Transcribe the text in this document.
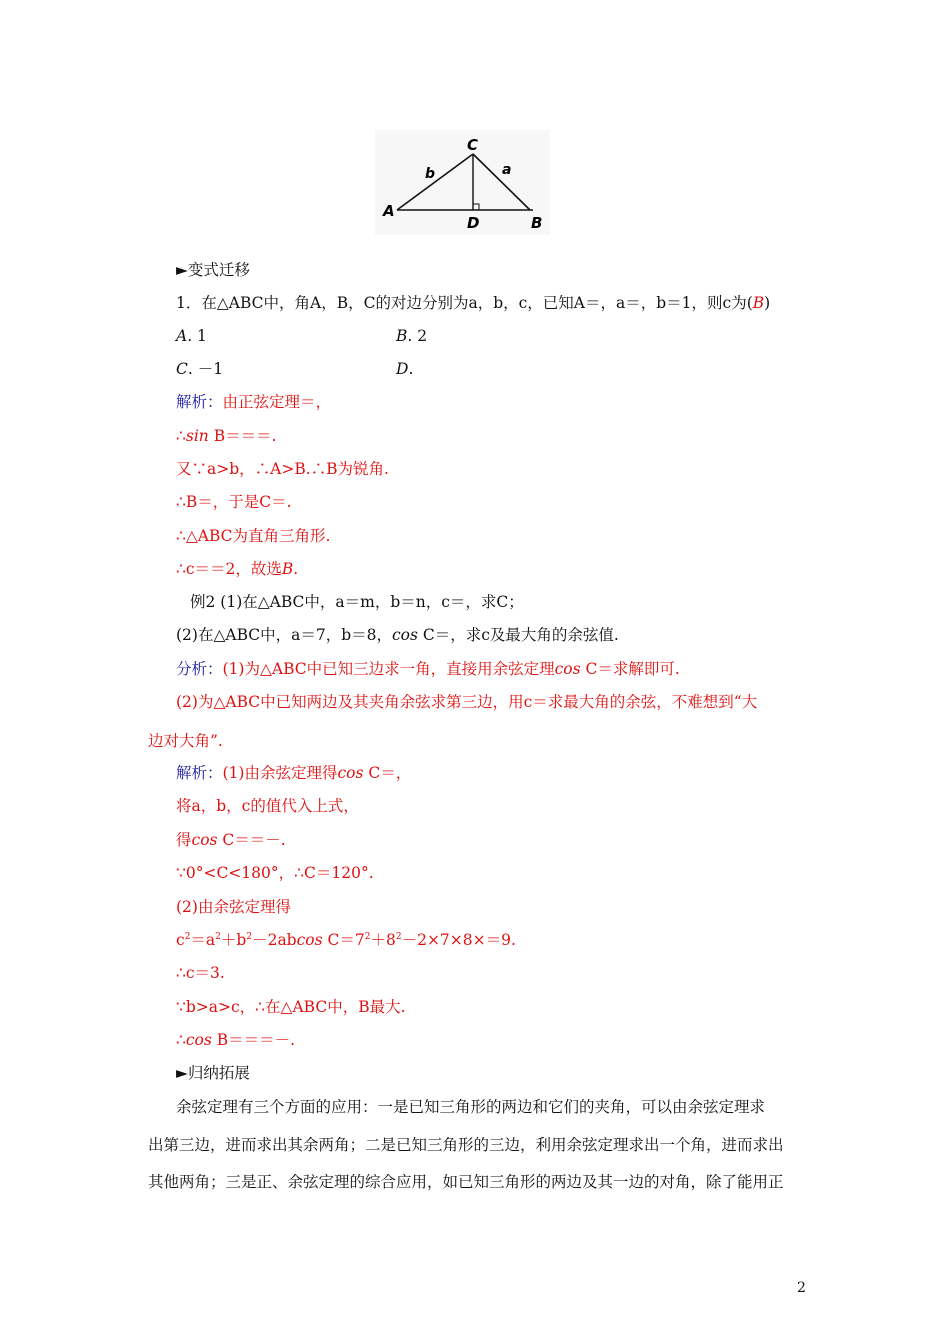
C
A
B
D
b	a
►变式迁移
1．在△ABC中，角A，B，C的对边分别为a，b，c，已知A＝，a＝，b＝1，则c为(B)
A. 1	B. 2
C. －1	D.
解析：由正弦定理＝，
∴sin B＝＝＝.
又∵a>b，∴A>B.∴B为锐角.
∴B＝，于是C＝.
∴△ABC为直角三角形.
∴c＝＝2，故选B.
例2 (1)在△ABC中，a＝m，b＝n，c＝，求C；
(2)在△ABC中，a＝7，b＝8，cos C＝，求c及最大角的余弦值.
分析：(1)为△ABC中已知三边求一角，直接用余弦定理cos C＝求解即可.
(2)为△ABC中已知两边及其夹角余弦求第三边，用c＝求最大角的余弦，不难想到“大
边对大角”.
解析：(1)由余弦定理得cos C＝，
将a，b，c的值代入上式，
得cos C＝＝－.
∵0°<C<180°，∴C＝120°.
(2)由余弦定理得
$c^2=a^2+b^2-2abcos$ $C=7^2+8^2-2\times 7\times 8\times=9$.
∴c＝3.
∵b>a>c，∴在△ABC中，B最大.
∴cos B＝＝＝－.
►归纳拓展
余弦定理有三个方面的应用：一是已知三角形的两边和它们的夹角，可以由余弦定理求
出第三边，进而求出其余两角；二是已知三角形的三边，利用余弦定理求出一个角，进而求出
其他两角；三是正、余弦定理的综合应用，如已知三角形的两边及其一边的对角，除了能用正
2
